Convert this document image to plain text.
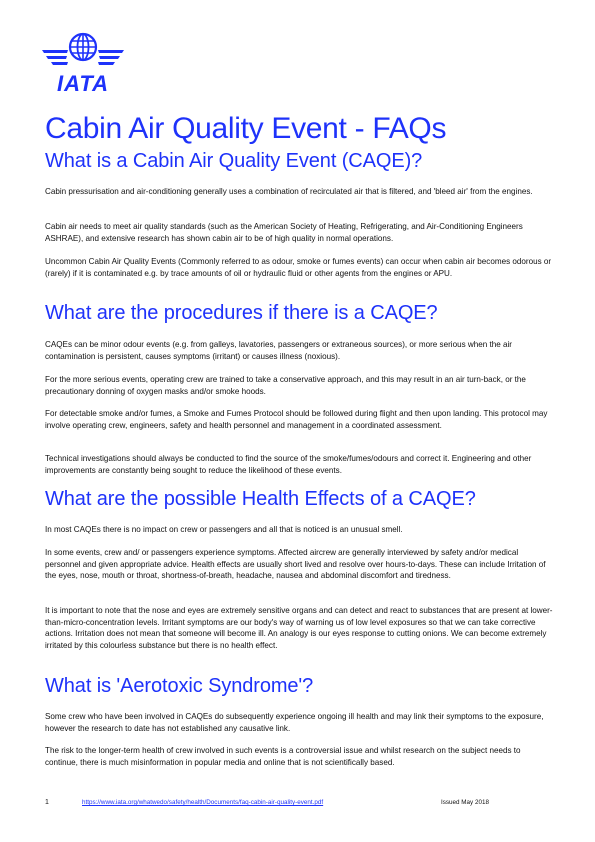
IATA
Cabin Air Quality Event - FAQs
What is a Cabin Air Quality Event (CAQE)?

Cabin pressurisation and air-conditioning generally uses a combination of recirculated air that is filtered, and 'bleed air' from the engines.

Cabin air needs to meet air quality standards (such as the American Society of Heating, Refrigerating, and Air-Conditioning Engineers ASHRAE), and extensive research has shown cabin air to be of high quality in normal operations.

Uncommon Cabin Air Quality Events (Commonly referred to as odour, smoke or fumes events) can occur when cabin air becomes odorous or (rarely) if it is contaminated e.g. by trace amounts of oil or hydraulic fluid or other agents from the engines or APU.

What are the procedures if there is a CAQE?

CAQEs can be minor odour events (e.g. from galleys, lavatories, passengers or extraneous sources), or more serious when the air contamination is persistent, causes symptoms (irritant) or causes illness (noxious).

For the more serious events, operating crew are trained to take a conservative approach, and this may result in an air turn-back, or the precautionary donning of oxygen masks and/or smoke hoods.

For detectable smoke and/or fumes, a Smoke and Fumes Protocol should be followed during flight and then upon landing. This protocol may involve operating crew, engineers, safety and health personnel and management in a coordinated assessment.

Technical investigations should always be conducted to find the source of the smoke/fumes/odours and correct it. Engineering and other improvements are constantly being sought to reduce the likelihood of these events.

What are the possible Health Effects of a CAQE?

In most CAQEs there is no impact on crew or passengers and all that is noticed is an unusual smell.

In some events, crew and/ or passengers experience symptoms. Affected aircrew are generally interviewed by safety and/or medical personnel and given appropriate advice. Health effects are usually short lived and resolve over hours-to-days. These can include Irritation of the eyes, nose, mouth or throat, shortness-of-breath, headache, nausea and abdominal discomfort and tiredness.

It is important to note that the nose and eyes are extremely sensitive organs and can detect and react to substances that are present at lower-than-micro-concentration levels. Irritant symptoms are our body's way of warning us of low level exposures so that we can take corrective actions. Irritation does not mean that someone will become ill. An analogy is our eyes response to cutting onions. We can become extremely irritated by this colourless substance but there is no health effect.

What is 'Aerotoxic Syndrome'?

Some crew who have been involved in CAQEs do subsequently experience ongoing ill health and may link their symptoms to the exposure, however the research to date has not established any causative link.

The risk to the longer-term health of crew involved in such events is a controversial issue and whilst research on the subject needs to continue, there is much misinformation in popular media and online that is not scientifically based.

1	https://www.iata.org/whatwedo/safety/health/Documents/faq-cabin-air-quality-event.pdf	Issued May 2018
